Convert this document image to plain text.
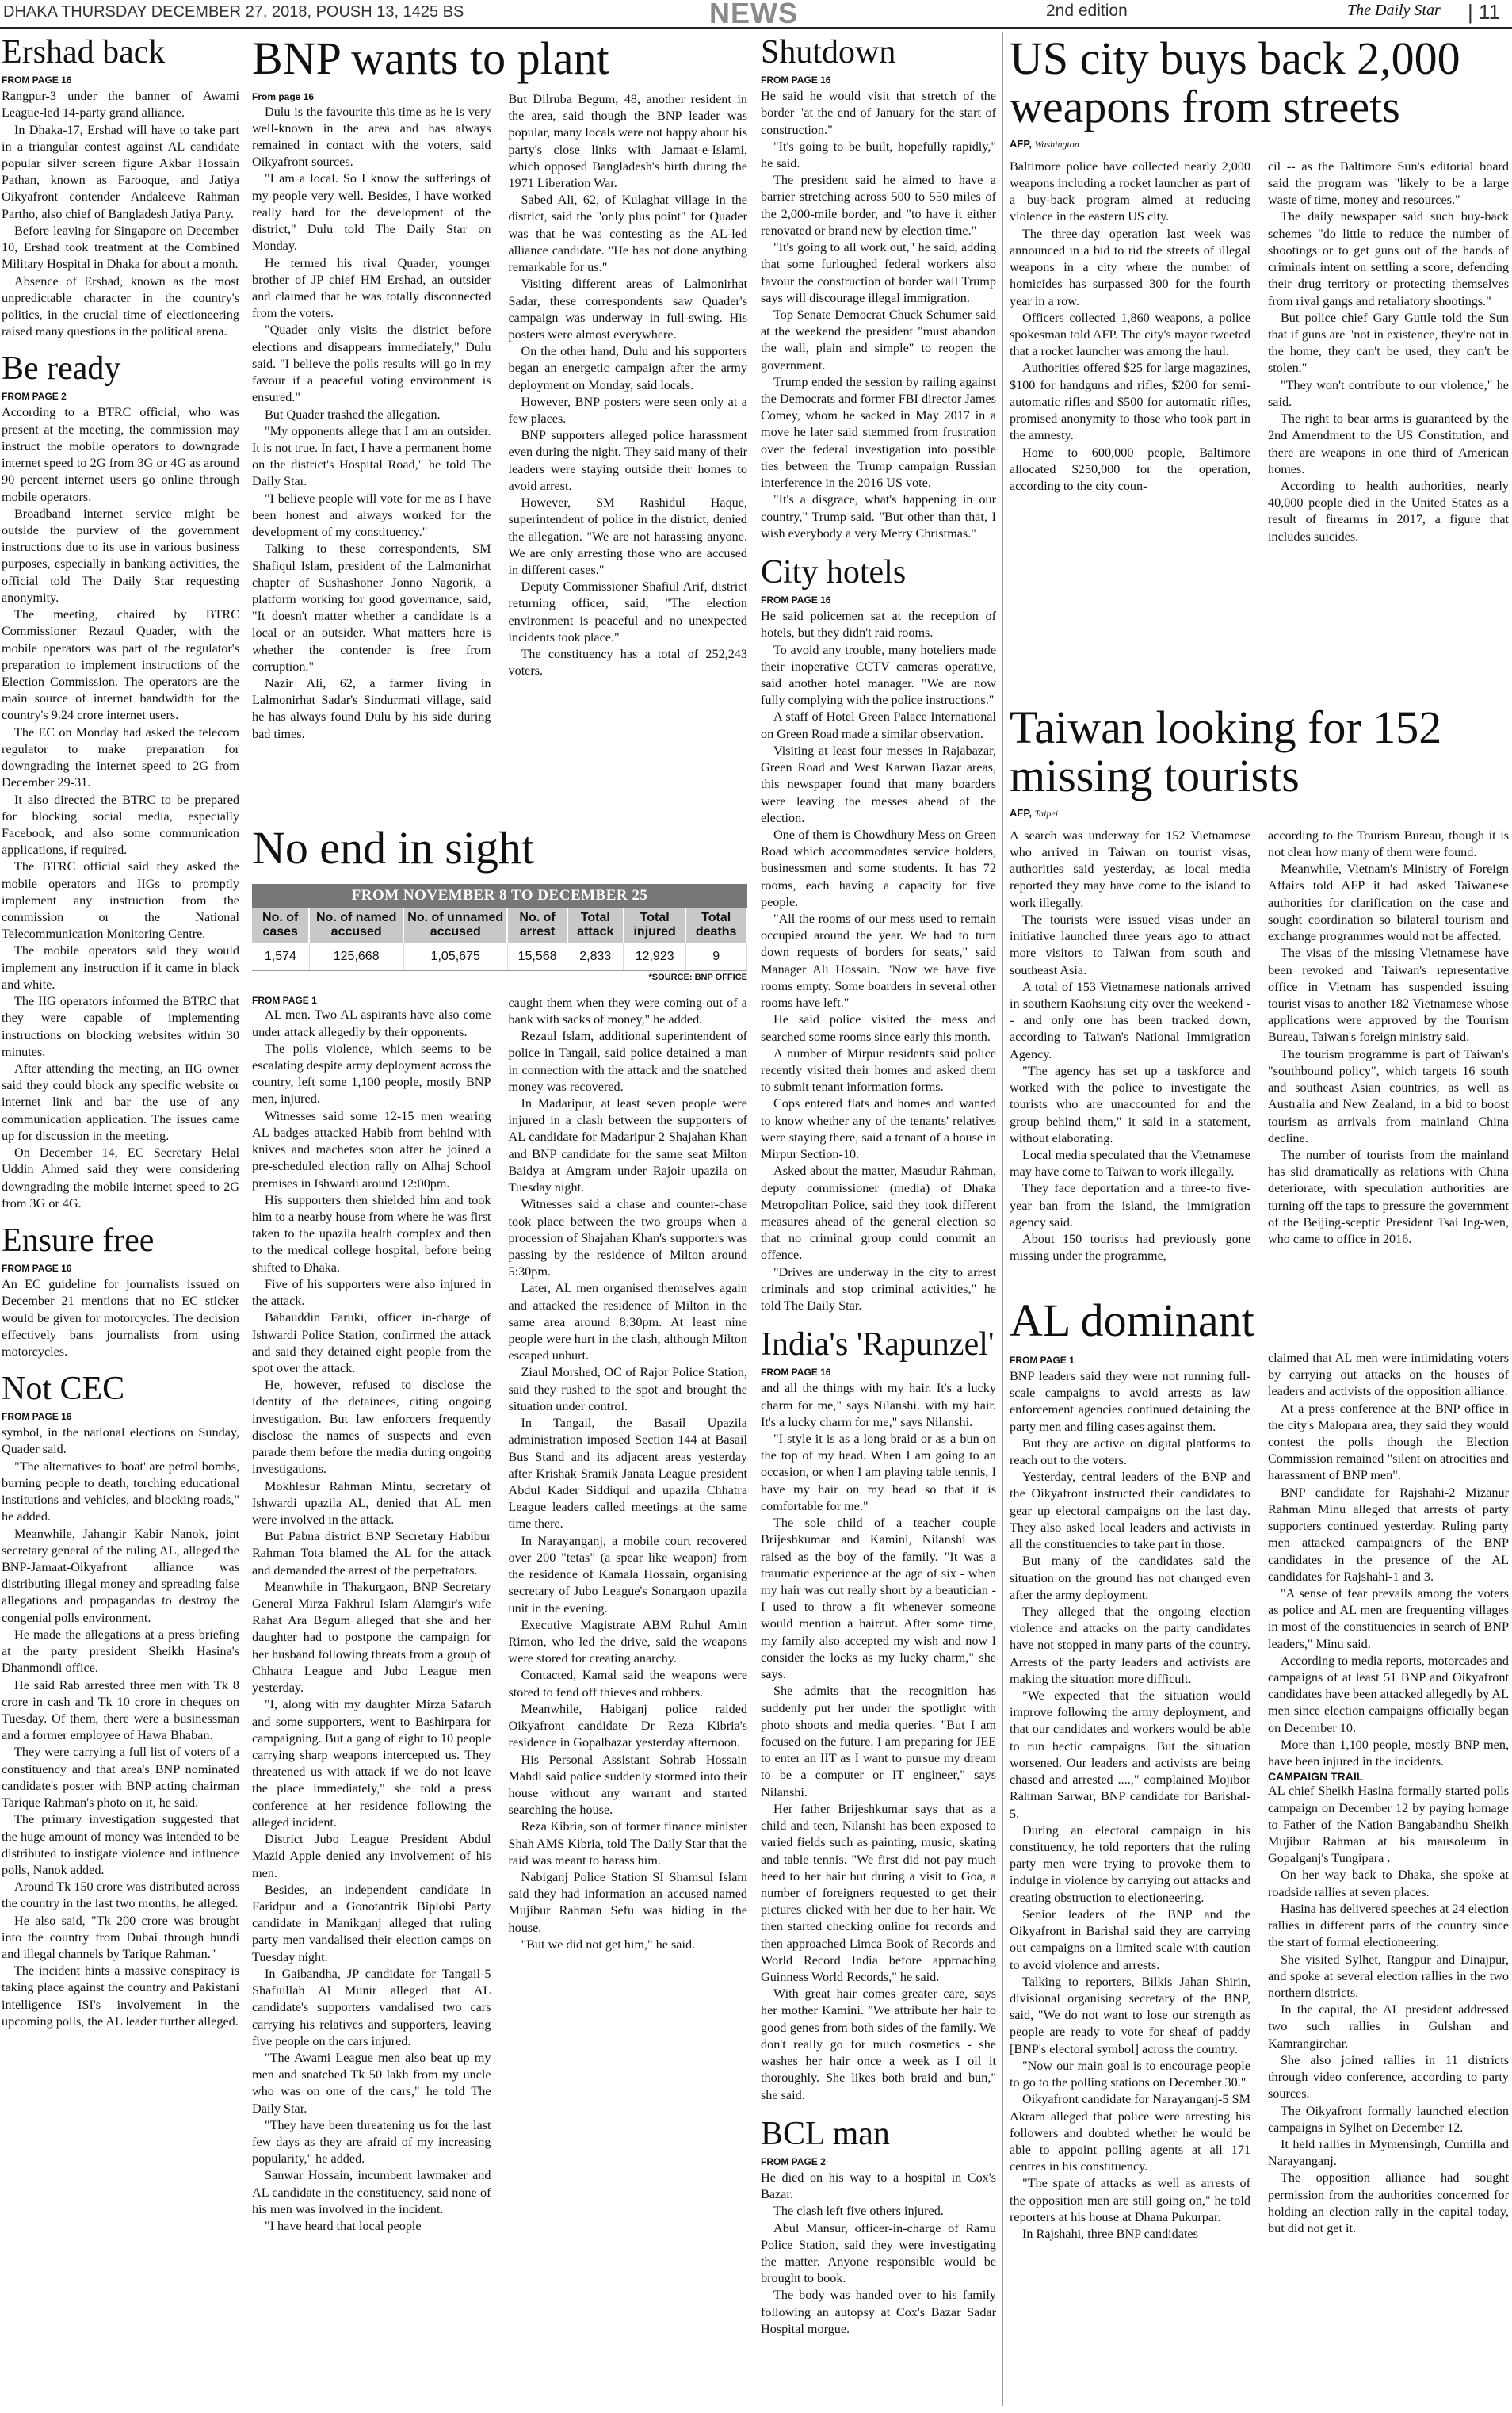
DHAKA THURSDAY DECEMBER 27, 2018, POUSH 13, 1425 BS	NEWS	2nd edition	The Daily Star | 11
Ershad back
FROM PAGE 16

Rangpur-3 under the banner of Awami League-led 14-party grand alliance.

In Dhaka-17, Ershad will have to take part in a triangular contest against AL candidate popular silver screen figure Akbar Hossain Pathan, known as Farooque, and Jatiya Oikyafront contender Andaleeve Rahman Partho, also chief of Bangladesh Jatiya Party.

Before leaving for Singapore on December 10, Ershad took treatment at the Combined Military Hospital in Dhaka for about a month.

Absence of Ershad, known as the most unpredictable character in the country's politics, in the crucial time of electioneering raised many questions in the political arena.

Be ready
FROM PAGE 2

According to a BTRC official, who was present at the meeting, the commission may instruct the mobile operators to downgrade internet speed to 2G from 3G or 4G as around 90 percent internet users go online through mobile operators.

Broadband internet service might be outside the purview of the government instructions due to its use in various business purposes, especially in banking activities, the official told The Daily Star requesting anonymity.

The meeting, chaired by BTRC Commissioner Rezaul Quader, with the mobile operators was part of the regulator's preparation to implement instructions of the Election Commission. The operators are the main source of internet bandwidth for the country's 9.24 crore internet users.

The EC on Monday had asked the telecom regulator to make preparation for downgrading the internet speed to 2G from December 29-31.

It also directed the BTRC to be prepared for blocking social media, especially Facebook, and also some communication applications, if required.

The BTRC official said they asked the mobile operators and IIGs to promptly implement any instruction from the commission or the National Telecommunication Monitoring Centre.

The mobile operators said they would implement any instruction if it came in black and white.

The IIG operators informed the BTRC that they were capable of implementing instructions on blocking websites within 30 minutes.

After attending the meeting, an IIG owner said they could block any specific website or internet link and bar the use of any communication application. The issues came up for discussion in the meeting.

On December 14, EC Secretary Helal Uddin Ahmed said they were considering downgrading the mobile internet speed to 2G from 3G or 4G.

Ensure free
FROM PAGE 16

An EC guideline for journalists issued on December 21 mentions that no EC sticker would be given for motorcycles. The decision effectively bans journalists from using motorcycles.

Not CEC
FROM PAGE 16

symbol, in the national elections on Sunday, Quader said.

"The alternatives to 'boat' are petrol bombs, burning people to death, torching educational institutions and vehicles, and blocking roads," he added.

Meanwhile, Jahangir Kabir Nanok, joint secretary general of the ruling AL, alleged the BNP-Jamaat-Oikyafront alliance was distributing illegal money and spreading false allegations and propagandas to destroy the congenial polls environment.

He made the allegations at a press briefing at the party president Sheikh Hasina's Dhanmondi office.

He said Rab arrested three men with Tk 8 crore in cash and Tk 10 crore in cheques on Tuesday. Of them, there were a businessman and a former employee of Hawa Bhaban.

They were carrying a full list of voters of a constituency and that area's BNP nominated candidate's poster with BNP acting chairman Tarique Rahman's photo on it, he said.

The primary investigation suggested that the huge amount of money was intended to be distributed to instigate violence and influence polls, Nanok added.

Around Tk 150 crore was distributed across the country in the last two months, he alleged.

He also said, "Tk 200 crore was brought into the country from Dubai through hundi and illegal channels by Tarique Rahman."

The incident hints a massive conspiracy is taking place against the country and Pakistani intelligence ISI's involvement in the upcoming polls, the AL leader further alleged.

BNP wants to plant

From page 16

Dulu is the favourite this time as he is very well-known in the area and has always remained in contact with the voters, said Oikyafront sources.

"I am a local. So I know the sufferings of my people very well. Besides, I have worked really hard for the development of the district," Dulu told The Daily Star on Monday.

He termed his rival Quader, younger brother of JP chief HM Ershad, an outsider and claimed that he was totally disconnected from the voters.

"Quader only visits the district before elections and disappears immediately," Dulu said. "I believe the polls results will go in my favour if a peaceful voting environment is ensured."

But Quader trashed the allegation.

"My opponents allege that I am an outsider. It is not true. In fact, I have a permanent home on the district's Hospital Road," he told The Daily Star.

"I believe people will vote for me as I have been honest and always worked for the development of my constituency."

Talking to these correspondents, SM Shafiqul Islam, president of the Lalmonirhat chapter of Sushashoner Jonno Nagorik, a platform working for good governance, said, "It doesn't matter whether a candidate is a local or an outsider. What matters here is whether the contender is free from corruption."

Nazir Ali, 62, a farmer living in Lalmonirhat Sadar's Sindurmati village, said he has always found Dulu by his side during bad times.

But Dilruba Begum, 48, another resident in the area, said though the BNP leader was popular, many locals were not happy about his party's close links with Jamaat-e-Islami, which opposed Bangladesh's birth during the 1971 Liberation War.

Sabed Ali, 62, of Kulaghat village in the district, said the "only plus point" for Quader was that he was contesting as the AL-led alliance candidate. "He has not done anything remarkable for us."

Visiting different areas of Lalmonirhat Sadar, these correspondents saw Quader's campaign was underway in full-swing. His posters were almost everywhere.

On the other hand, Dulu and his supporters began an energetic campaign after the army deployment on Monday, said locals.

However, BNP posters were seen only at a few places.

BNP supporters alleged police harassment even during the night. They said many of their leaders were staying outside their homes to avoid arrest.

However, SM Rashidul Haque, superintendent of police in the district, denied the allegation. "We are not harassing anyone. We are only arresting those who are accused in different cases."

Deputy Commissioner Shafiul Arif, district returning officer, said, "The election environment is peaceful and no unexpected incidents took place."

The constituency has a total of 252,243 voters.

No end in sight
FROM NOVEMBER 8 TO DECEMBER 25
No. of cases	No. of named accused	No. of unnamed accused	No. of arrest	Total attack	Total injured	Total deaths
1,574	125,668	1,05,675	15,568	2,833	12,923	9
*SOURCE: BNP OFFICE

FROM PAGE 1

AL men. Two AL aspirants have also come under attack allegedly by their opponents.

The polls violence, which seems to be escalating despite army deployment across the country, left some 1,100 people, mostly BNP men, injured.

Witnesses said some 12-15 men wearing AL badges attacked Habib from behind with knives and machetes soon after he joined a pre-scheduled election rally on Alhaj School premises in Ishwardi around 12:00pm.

His supporters then shielded him and took him to a nearby house from where he was first taken to the upazila health complex and then to the medical college hospital, before being shifted to Dhaka.

Five of his supporters were also injured in the attack.

Bahauddin Faruki, officer in-charge of Ishwardi Police Station, confirmed the attack and said they detained eight people from the spot over the attack.

He, however, refused to disclose the identity of the detainees, citing ongoing investigation. But law enforcers frequently disclose the names of suspects and even parade them before the media during ongoing investigations.

Mokhlesur Rahman Mintu, secretary of Ishwardi upazila AL, denied that AL men were involved in the attack.

But Pabna district BNP Secretary Habibur Rahman Tota blamed the AL for the attack and demanded the arrest of the perpetrators.

Meanwhile in Thakurgaon, BNP Secretary General Mirza Fakhrul Islam Alamgir's wife Rahat Ara Begum alleged that she and her daughter had to postpone the campaign for her husband following threats from a group of Chhatra League and Jubo League men yesterday.

"I, along with my daughter Mirza Safaruh and some supporters, went to Bashirpara for campaigning. But a gang of eight to 10 people carrying sharp weapons intercepted us. They threatened us with attack if we do not leave the place immediately," she told a press conference at her residence following the alleged incident.

District Jubo League President Abdul Mazid Apple denied any involvement of his men.

Besides, an independent candidate in Faridpur and a Gonotantrik Biplobi Party candidate in Manikganj alleged that ruling party men vandalised their election camps on Tuesday night.

In Gaibandha, JP candidate for Tangail-5 Shafiullah Al Munir alleged that AL candidate's supporters vandalised two cars carrying his relatives and supporters, leaving five people on the cars injured.

"The Awami League men also beat up my men and snatched Tk 50 lakh from my uncle who was on one of the cars," he told The Daily Star.

"They have been threatening us for the last few days as they are afraid of my increasing popularity," he added.

Sanwar Hossain, incumbent lawmaker and AL candidate in the constituency, said none of his men was involved in the incident.

"I have heard that local people

caught them when they were coming out of a bank with sacks of money," he added.

Rezaul Islam, additional superintendent of police in Tangail, said police detained a man in connection with the attack and the snatched money was recovered.

In Madaripur, at least seven people were injured in a clash between the supporters of AL candidate for Madaripur-2 Shajahan Khan and BNP candidate for the same seat Milton Baidya at Amgram under Rajoir upazila on Tuesday night.

Witnesses said a chase and counter-chase took place between the two groups when a procession of Shajahan Khan's supporters was passing by the residence of Milton around 5:30pm.

Later, AL men organised themselves again and attacked the residence of Milton in the same area around 8:30pm. At least nine people were hurt in the clash, although Milton escaped unhurt.

Ziaul Morshed, OC of Rajor Police Station, said they rushed to the spot and brought the situation under control.

In Tangail, the Basail Upazila administration imposed Section 144 at Basail Bus Stand and its adjacent areas yesterday after Krishak Sramik Janata League president Abdul Kader Siddiqui and upazila Chhatra League leaders called meetings at the same time there.

In Narayanganj, a mobile court recovered over 200 "tetas" (a spear like weapon) from the residence of Kamala Hossain, organising secretary of Jubo League's Sonargaon upazila unit in the evening.

Executive Magistrate ABM Ruhul Amin Rimon, who led the drive, said the weapons were stored for creating anarchy.

Contacted, Kamal said the weapons were stored to fend off thieves and robbers.

Meanwhile, Habiganj police raided Oikyafront candidate Dr Reza Kibria's residence in Gopalbazar yesterday afternoon.

His Personal Assistant Sohrab Hossain Mahdi said police suddenly stormed into their house without any warrant and started searching the house.

Reza Kibria, son of former finance minister Shah AMS Kibria, told The Daily Star that the raid was meant to harass him.

Nabiganj Police Station SI Shamsul Islam said they had information an accused named Mujibur Rahman Sefu was hiding in the house.

"But we did not get him," he said.

Shutdown
FROM PAGE 16

He said he would visit that stretch of the border "at the end of January for the start of construction."

"It's going to be built, hopefully rapidly," he said.

The president said he aimed to have a barrier stretching across 500 to 550 miles of the 2,000-mile border, and "to have it either renovated or brand new by election time."

"It's going to all work out," he said, adding that some furloughed federal workers also favour the construction of border wall Trump says will discourage illegal immigration.

Top Senate Democrat Chuck Schumer said at the weekend the president "must abandon the wall, plain and simple" to reopen the government.

Trump ended the session by railing against the Democrats and former FBI director James Comey, whom he sacked in May 2017 in a move he later said stemmed from frustration over the federal investigation into possible ties between the Trump campaign Russian interference in the 2016 US vote.

"It's a disgrace, what's happening in our country," Trump said. "But other than that, I wish everybody a very Merry Christmas."

City hotels
FROM PAGE 16

He said policemen sat at the reception of hotels, but they didn't raid rooms.

To avoid any trouble, many hoteliers made their inoperative CCTV cameras operative, said another hotel manager. "We are now fully complying with the police instructions."

A staff of Hotel Green Palace International on Green Road made a similar observation.

Visiting at least four messes in Rajabazar, Green Road and West Karwan Bazar areas, this newspaper found that many boarders were leaving the messes ahead of the election.

One of them is Chowdhury Mess on Green Road which accommodates service holders, businessmen and some students. It has 72 rooms, each having a capacity for five people.

"All the rooms of our mess used to remain occupied around the year. We had to turn down requests of borders for seats," said Manager Ali Hossain. "Now we have five rooms empty. Some boarders in several other rooms have left."

He said police visited the mess and searched some rooms since early this month.

A number of Mirpur residents said police recently visited their homes and asked them to submit tenant information forms.

Cops entered flats and homes and wanted to know whether any of the tenants' relatives were staying there, said a tenant of a house in Mirpur Section-10.

Asked about the matter, Masudur Rahman, deputy commissioner (media) of Dhaka Metropolitan Police, said they took different measures ahead of the general election so that no criminal group could commit an offence.

"Drives are underway in the city to arrest criminals and stop criminal activities," he told The Daily Star.

India's 'Rapunzel'
FROM PAGE 16

and all the things with my hair. It's a lucky charm for me," says Nilanshi. with my hair. It's a lucky charm for me," says Nilanshi.

"I style it is as a long braid or as a bun on the top of my head. When I am going to an occasion, or when I am playing table tennis, I have my hair on my head so that it is comfortable for me."

The sole child of a teacher couple Brijeshkumar and Kamini, Nilanshi was raised as the boy of the family. "It was a traumatic experience at the age of six - when my hair was cut really short by a beautician - I used to throw a fit whenever someone would mention a haircut. After some time, my family also accepted my wish and now I consider the locks as my lucky charm," she says.

She admits that the recognition has suddenly put her under the spotlight with photo shoots and media queries. "But I am focused on the future. I am preparing for JEE to enter an IIT as I want to pursue my dream to be a computer or IT engineer," says Nilanshi.

Her father Brijeshkumar says that as a child and teen, Nilanshi has been exposed to varied fields such as painting, music, skating and table tennis. "We first did not pay much heed to her hair but during a visit to Goa, a number of foreigners requested to get their pictures clicked with her due to her hair. We then started checking online for records and then approached Limca Book of Records and World Record India before approaching Guinness World Records," he said.

With great hair comes greater care, says her mother Kamini. "We attribute her hair to good genes from both sides of the family. We don't really go for much cosmetics - she washes her hair once a week as I oil it thoroughly. She likes both braid and bun," she said.

BCL man
FROM PAGE 2

He died on his way to a hospital in Cox's Bazar.

The clash left five others injured.

Abul Mansur, officer-in-charge of Ramu Police Station, said they were investigating the matter. Anyone responsible would be brought to book.

The body was handed over to his family following an autopsy at Cox's Bazar Sadar Hospital morgue.

US city buys back 2,000 weapons from streets
AFP, Washington

Baltimore police have collected nearly 2,000 weapons including a rocket launcher as part of a buy-back program aimed at reducing violence in the eastern US city.

The three-day operation last week was announced in a bid to rid the streets of illegal weapons in a city where the number of homicides has surpassed 300 for the fourth year in a row.

Officers collected 1,860 weapons, a police spokesman told AFP. The city's mayor tweeted that a rocket launcher was among the haul.

Authorities offered $25 for large magazines, $100 for handguns and rifles, $200 for semi-automatic rifles and $500 for automatic rifles, promised anonymity to those who took part in the amnesty.

Home to 600,000 people, Baltimore allocated $250,000 for the operation, according to the city coun-

cil -- as the Baltimore Sun's editorial board said the program was "likely to be a large waste of time, money and resources."

The daily newspaper said such buy-back schemes "do little to reduce the number of shootings or to get guns out of the hands of criminals intent on settling a score, defending their drug territory or protecting themselves from rival gangs and retaliatory shootings."

But police chief Gary Guttle told the Sun that if guns are "not in existence, they're not in the home, they can't be used, they can't be stolen."

"They won't contribute to our violence," he said.

The right to bear arms is guaranteed by the 2nd Amendment to the US Constitution, and there are weapons in one third of American homes.

According to health authorities, nearly 40,000 people died in the United States as a result of firearms in 2017, a figure that includes suicides.

Taiwan looking for 152 missing tourists
AFP, Taipei

A search was underway for 152 Vietnamese who arrived in Taiwan on tourist visas, authorities said yesterday, as local media reported they may have come to the island to work illegally.

The tourists were issued visas under an initiative launched three years ago to attract more visitors to Taiwan from south and southeast Asia.

A total of 153 Vietnamese nationals arrived in southern Kaohsiung city over the weekend -- and only one has been tracked down, according to Taiwan's National Immigration Agency.

"The agency has set up a taskforce and worked with the police to investigate the tourists who are unaccounted for and the group behind them," it said in a statement, without elaborating.

Local media speculated that the Vietnamese may have come to Taiwan to work illegally.

They face deportation and a three-to five-year ban from the island, the immigration agency said.

About 150 tourists had previously gone missing under the programme,

according to the Tourism Bureau, though it is not clear how many of them were found.

Meanwhile, Vietnam's Ministry of Foreign Affairs told AFP it had asked Taiwanese authorities for clarification on the case and sought coordination so bilateral tourism and exchange programmes would not be affected.

The visas of the missing Vietnamese have been revoked and Taiwan's representative office in Vietnam has suspended issuing tourist visas to another 182 Vietnamese whose applications were approved by the Tourism Bureau, Taiwan's foreign ministry said.

The tourism programme is part of Taiwan's "southbound policy", which targets 16 south and southeast Asian countries, as well as Australia and New Zealand, in a bid to boost tourism as arrivals from mainland China decline.

The number of tourists from the mainland has slid dramatically as relations with China deteriorate, with speculation authorities are turning off the taps to pressure the government of the Beijing-sceptic President Tsai Ing-wen, who came to office in 2016.

AL dominant
FROM PAGE 1

BNP leaders said they were not running full-scale campaigns to avoid arrests as law enforcement agencies continued detaining the party men and filing cases against them.

But they are active on digital platforms to reach out to the voters.

Yesterday, central leaders of the BNP and the Oikyafront instructed their candidates to gear up electoral campaigns on the last day. They also asked local leaders and activists in all the constituencies to take part in those.

But many of the candidates said the situation on the ground has not changed even after the army deployment.

They alleged that the ongoing election violence and attacks on the party candidates have not stopped in many parts of the country. Arrests of the party leaders and activists are making the situation more difficult.

"We expected that the situation would improve following the army deployment, and that our candidates and workers would be able to run hectic campaigns. But the situation worsened. Our leaders and activists are being chased and arrested ....," complained Mojibor Rahman Sarwar, BNP candidate for Barishal-5.

During an electoral campaign in his constituency, he told reporters that the ruling party men were trying to provoke them to indulge in violence by carrying out attacks and creating obstruction to electioneering.

Senior leaders of the BNP and the Oikyafront in Barishal said they are carrying out campaigns on a limited scale with caution to avoid violence and arrests.

Talking to reporters, Bilkis Jahan Shirin, divisional organising secretary of the BNP, said, "We do not want to lose our strength as people are ready to vote for sheaf of paddy [BNP's electoral symbol] across the country.

"Now our main goal is to encourage people to go to the polling stations on December 30."

Oikyafront candidate for Narayanganj-5 SM Akram alleged that police were arresting his followers and doubted whether he would be able to appoint polling agents at all 171 centres in his constituency.

"The spate of attacks as well as arrests of the opposition men are still going on," he told reporters at his house at Dhana Pukurpar.

In Rajshahi, three BNP candidates

claimed that AL men were intimidating voters by carrying out attacks on the houses of leaders and activists of the opposition alliance.

At a press conference at the BNP office in the city's Malopara area, they said they would contest the polls though the Election Commission remained "silent on atrocities and harassment of BNP men".

BNP candidate for Rajshahi-2 Mizanur Rahman Minu alleged that arrests of party supporters continued yesterday. Ruling party men attacked campaigners of the BNP candidates in the presence of the AL candidates for Rajshahi-1 and 3.

"A sense of fear prevails among the voters as police and AL men are frequenting villages in most of the constituencies in search of BNP leaders," Minu said.

According to media reports, motorcades and campaigns of at least 51 BNP and Oikyafront candidates have been attacked allegedly by AL men since election campaigns officially began on December 10.

More than 1,100 people, mostly BNP men, have been injured in the incidents.

CAMPAIGN TRAIL

AL chief Sheikh Hasina formally started polls campaign on December 12 by paying homage to Father of the Nation Bangabandhu Sheikh Mujibur Rahman at his mausoleum in Gopalganj's Tungipara .

On her way back to Dhaka, she spoke at roadside rallies at seven places.

Hasina has delivered speeches at 24 election rallies in different parts of the country since the start of formal electioneering.

She visited Sylhet, Rangpur and Dinajpur, and spoke at several election rallies in the two northern districts.

In the capital, the AL president addressed two such rallies in Gulshan and Kamrangirchar.

She also joined rallies in 11 districts through video conference, according to party sources.

The Oikyafront formally launched election campaigns in Sylhet on December 12.

It held rallies in Mymensingh, Cumilla and Narayanganj.

The opposition alliance had sought permission from the authorities concerned for holding an election rally in the capital today, but did not get it.
